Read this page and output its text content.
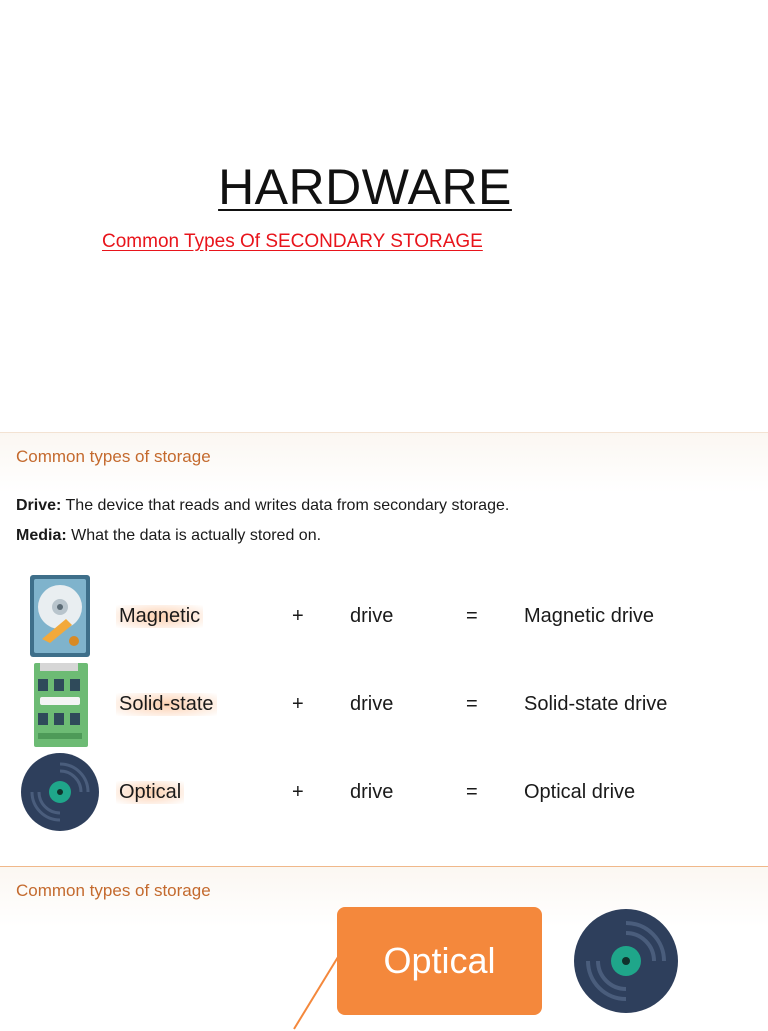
HARDWARE
Common Types Of SECONDARY STORAGE
Common types of storage
Drive: The device that reads and writes data from secondary storage.
Media: What the data is actually stored on.
Magnetic	+ drive	= Magnetic drive
Solid-state	+ drive	= Solid-state drive
Optical	+ drive	= Optical drive
Common types of storage
Optical
